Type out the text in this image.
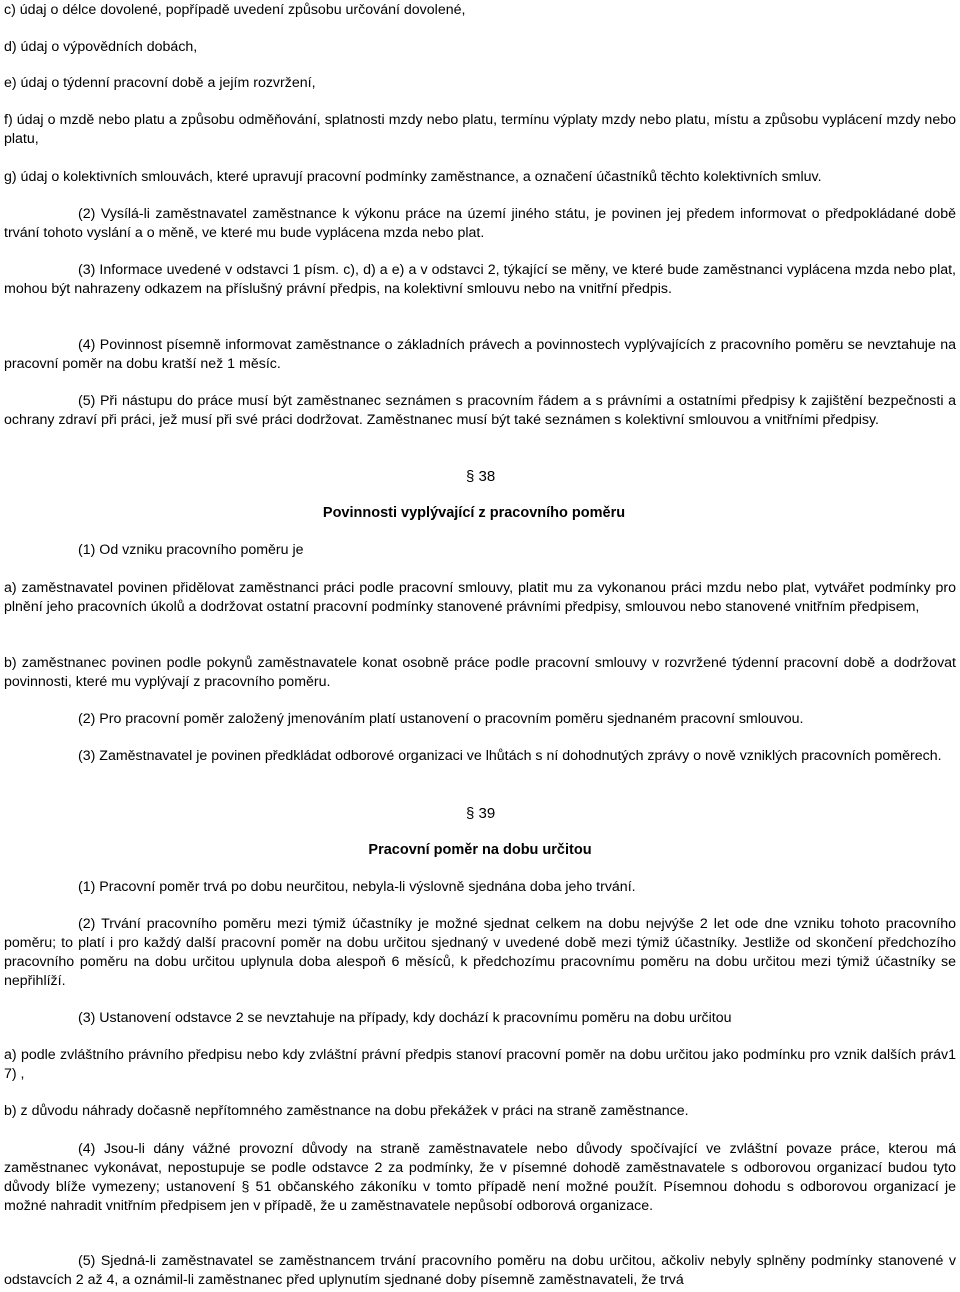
c) údaj o délce dovolené, popřípadě uvedení způsobu určování dovolené,

d) údaj o výpovědních dobách,

e) údaj o týdenní pracovní době a jejím rozvržení,

f) údaj o mzdě nebo platu a způsobu odměňování, splatnosti mzdy nebo platu, termínu výplaty mzdy nebo platu, místu a způsobu vyplácení mzdy nebo platu,

g) údaj o kolektivních smlouvách, které upravují pracovní podmínky zaměstnance, a označení účastníků těchto kolektivních smluv.

(2) Vysílá-li zaměstnavatel zaměstnance k výkonu práce na území jiného státu, je povinen jej předem informovat o předpokládané době trvání tohoto vyslání a o měně, ve které mu bude vyplácena mzda nebo plat.

(3) Informace uvedené v odstavci 1 písm. c), d) a e) a v odstavci 2, týkající se měny, ve které bude zaměstnanci vyplácena mzda nebo plat, mohou být nahrazeny odkazem na příslušný právní předpis, na kolektivní smlouvu nebo na vnitřní předpis.

(4) Povinnost písemně informovat zaměstnance o základních právech a povinnostech vyplývajících z pracovního poměru se nevztahuje na pracovní poměr na dobu kratší než 1 měsíc.

(5) Při nástupu do práce musí být zaměstnanec seznámen s pracovním řádem a s právními a ostatními předpisy k zajištění bezpečnosti a ochrany zdraví při práci, jež musí při své práci dodržovat. Zaměstnanec musí být také seznámen s kolektivní smlouvou a vnitřními předpisy.

§ 38
Povinnosti vyplývající z pracovního poměru

(1) Od vzniku pracovního poměru je

a) zaměstnavatel povinen přidělovat zaměstnanci práci podle pracovní smlouvy, platit mu za vykonanou práci mzdu nebo plat, vytvářet podmínky pro plnění jeho pracovních úkolů a dodržovat ostatní pracovní podmínky stanovené právními předpisy, smlouvou nebo stanovené vnitřním předpisem,

b) zaměstnanec povinen podle pokynů zaměstnavatele konat osobně práce podle pracovní smlouvy v rozvržené týdenní pracovní době a dodržovat povinnosti, které mu vyplývají z pracovního poměru.

(2) Pro pracovní poměr založený jmenováním platí ustanovení o pracovním poměru sjednaném pracovní smlouvou.

(3) Zaměstnavatel je povinen předkládat odborové organizaci ve lhůtách s ní dohodnutých zprávy o nově vzniklých pracovních poměrech.

§ 39
Pracovní poměr na dobu určitou

(1) Pracovní poměr trvá po dobu neurčitou, nebyla-li výslovně sjednána doba jeho trvání.

(2) Trvání pracovního poměru mezi týmiž účastníky je možné sjednat celkem na dobu nejvýše 2 let ode dne vzniku tohoto pracovního poměru; to platí i pro každý další pracovní poměr na dobu určitou sjednaný v uvedené době mezi týmiž účastníky. Jestliže od skončení předchozího pracovního poměru na dobu určitou uplynula doba alespoň 6 měsíců, k předchozímu pracovnímu poměru na dobu určitou mezi týmiž účastníky se nepřihlíží.

(3) Ustanovení odstavce 2 se nevztahuje na případy, kdy dochází k pracovnímu poměru na dobu určitou

a) podle zvláštního právního předpisu nebo kdy zvláštní právní předpis stanoví pracovní poměr na dobu určitou jako podmínku pro vznik dalších práv1 7) ,

b) z důvodu náhrady dočasně nepřítomného zaměstnance na dobu překážek v práci na straně zaměstnance.

(4) Jsou-li dány vážné provozní důvody na straně zaměstnavatele nebo důvody spočívající ve zvláštní povaze práce, kterou má zaměstnanec vykonávat, nepostupuje se podle odstavce 2 za podmínky, že v písemné dohodě zaměstnavatele s odborovou organizací budou tyto důvody blíže vymezeny; ustanovení § 51 občanského zákoníku v tomto případě není možné použít. Písemnou dohodu s odborovou organizací je možné nahradit vnitřním předpisem jen v případě, že u zaměstnavatele nepůsobí odborová organizace.

(5) Sjedná-li zaměstnavatel se zaměstnancem trvání pracovního poměru na dobu určitou, ačkoliv nebyly splněny podmínky stanovené v odstavcích 2 až 4, a oznámil-li zaměstnanec před uplynutím sjednané doby písemně zaměstnavateli, že trvá
